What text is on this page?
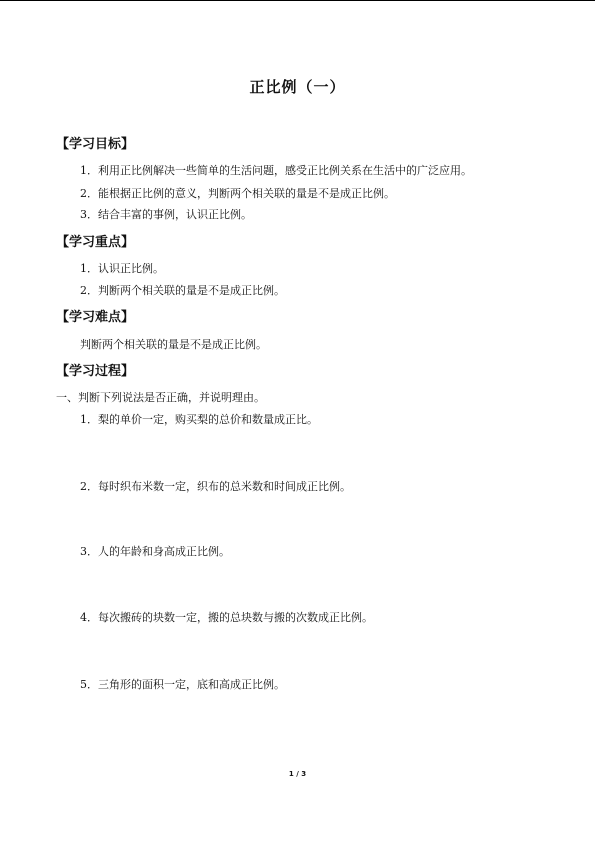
正比例（一）
【学习目标】
1．利用正比例解决一些简单的生活问题，感受正比例关系在生活中的广泛应用。
2．能根据正比例的意义，判断两个相关联的量是不是成正比例。
3．结合丰富的事例，认识正比例。
【学习重点】
1．认识正比例。
2．判断两个相关联的量是不是成正比例。
【学习难点】
判断两个相关联的量是不是成正比例。
【学习过程】
一、判断下列说法是否正确，并说明理由。
1．梨的单价一定，购买梨的总价和数量成正比。
2．每时织布米数一定，织布的总米数和时间成正比例。
3．人的年龄和身高成正比例。
4．每次搬砖的块数一定，搬的总块数与搬的次数成正比例。
5．三角形的面积一定，底和高成正比例。
1 / 3
